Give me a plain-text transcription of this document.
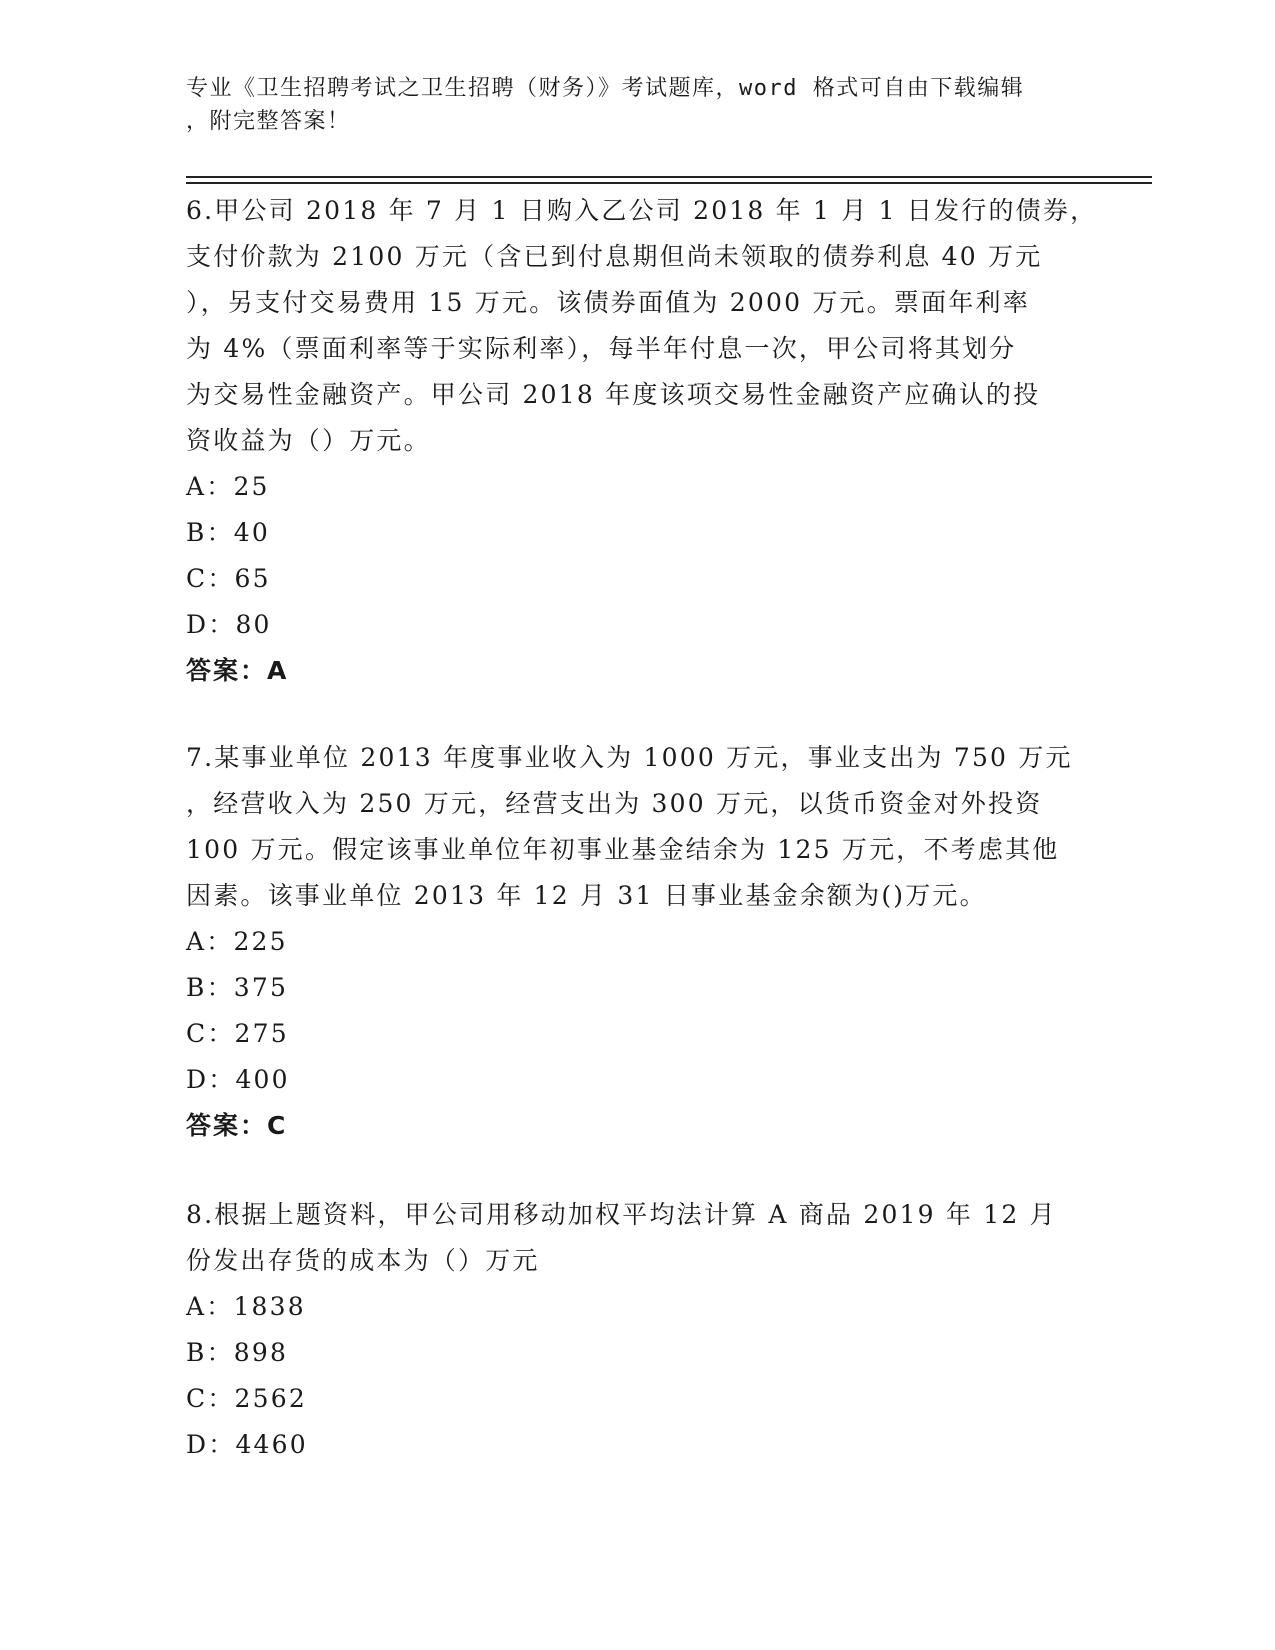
专业《卫生招聘考试之卫生招聘（财务）》考试题库，word 格式可自由下载编辑
，附完整答案！
6.甲公司 2018 年 7 月 1 日购入乙公司 2018 年 1 月 1 日发行的债券，
支付价款为 2100 万元（含已到付息期但尚未领取的债券利息 40 万元
），另支付交易费用 15 万元。该债券面值为 2000 万元。票面年利率
为 4%（票面利率等于实际利率），每半年付息一次，甲公司将其划分
为交易性金融资产。甲公司 2018 年度该项交易性金融资产应确认的投
资收益为（）万元。
A：25
B：40
C：65
D：80
答案：A
7.某事业单位 2013 年度事业收入为 1000 万元，事业支出为 750 万元
，经营收入为 250 万元，经营支出为 300 万元，以货币资金对外投资
100 万元。假定该事业单位年初事业基金结余为 125 万元，不考虑其他
因素。该事业单位 2013 年 12 月 31 日事业基金余额为()万元。
A：225
B：375
C：275
D：400
答案：C
8.根据上题资料，甲公司用移动加权平均法计算 A 商品 2019 年 12 月
份发出存货的成本为（）万元
A：1838
B：898
C：2562
D：4460
